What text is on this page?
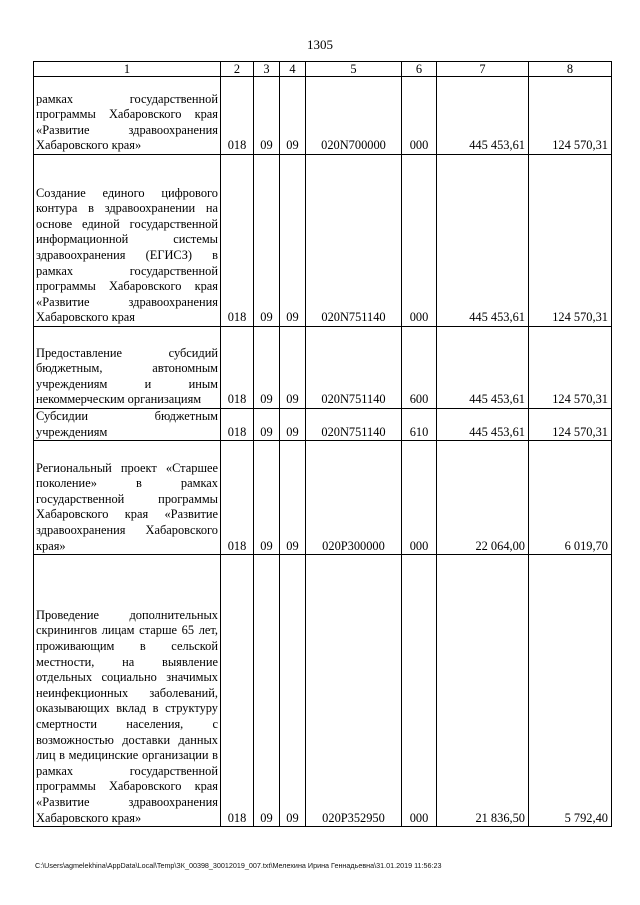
1305
1	2	3	4	5	6	7	8
рамках государственной программы Хабаровского края «Развитие здравоохранения Хабаровского края»	018	09	09	020N700000	000	445 453,61	124 570,31
Создание единого цифрового контура в здравоохранении на основе единой государственной информационной системы здравоохранения (ЕГИСЗ) в рамках государственной программы Хабаровского края «Развитие здравоохранения Хабаровского края	018	09	09	020N751140	000	445 453,61	124 570,31
Предоставление субсидий бюджетным, автономным учреждениям и иным некоммерческим организациям	018	09	09	020N751140	600	445 453,61	124 570,31
Субсидии бюджетным учреждениям	018	09	09	020N751140	610	445 453,61	124 570,31
Региональный проект «Старшее поколение» в рамках государственной программы Хабаровского края «Развитие здравоохранения Хабаровского края»	018	09	09	020P300000	000	22 064,00	6 019,70
Проведение дополнительных скринингов лицам старше 65 лет, проживающим в сельской местности, на выявление отдельных социально значимых неинфекционных заболеваний, оказывающих вклад в структуру смертности населения, с возможностью доставки данных лиц в медицинские организации в рамках государственной программы Хабаровского края «Развитие здравоохранения Хабаровского края»	018	09	09	020P352950	000	21 836,50	5 792,40
C:\Users\agmelekhina\AppData\Local\Temp\ЗК_00398_30012019_007.txt\Мелехина Ирина Геннадьевна\31.01.2019 11:56:23
